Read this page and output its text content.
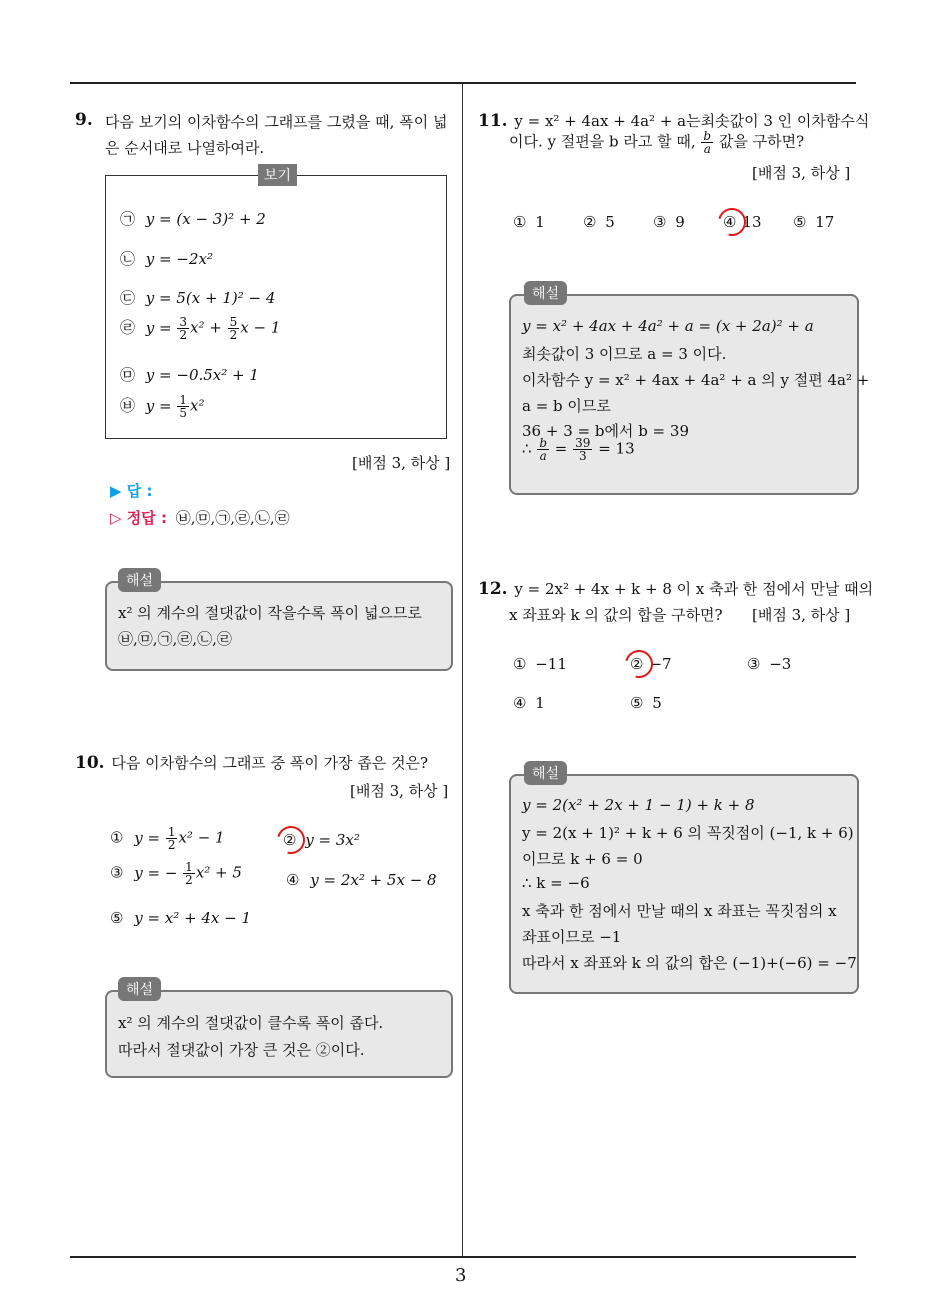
9. 다음 보기의 이차함수의 그래프를 그렸을 때, 폭이 넓
은 순서대로 나열하여라.
보기
㉠ y = (x − 3)² + 2
㉡ y = −2x²
㉢ y = 5(x + 1)² − 4
㉣ $y = \frac{3}{2} x^2 + \frac{5}{2}$ x − 1
㉤ y = −0.5x² + 1
㉥ $y = \frac{1}{5} x^2$
[배점 3, 하상 ]
▶ 답 :
▷ 정답 : ㉥,㉤,㉠,㉣,㉡,㉣
해설
x² 의 계수의 절댓값이 작을수록 폭이 넓으므로
㉥,㉤,㉠,㉣,㉡,㉣
10. 다음 이차함수의 그래프 중 폭이 가장 좁은 것은?
[배점 3, 하상 ]
① $y = \frac{1}{2} x^2 - 1$	② y = 3x²
③ y = − $\frac{1}{2} x^2 + 5$	④ y = 2x² + 5x − 8
⑤ y = x² + 4x − 1
해설
x² 의 계수의 절댓값이 클수록 폭이 좁다.
따라서 절댓값이 가장 큰 것은 ②이다.
11. y = x² + 4ax + 4a² + a는최솟값이 3 인 이차함수식
이다. y 절편을 b 라고 할 때, $\frac{b}{a}$ 값을 구하면?
[배점 3, 하상 ]
① 1	② 5	③ 9	④ 13 ⑤ 17
해설
y = x² + 4ax + 4a² + a = (x + 2a)² + a
최솟값이 3 이므로 a = 3 이다.
이차함수 y = x² + 4ax + 4a² + a 의 y 절편 4a² +
a = b 이므로
36 + 3 = b에서 b = 39
∴ $\frac{b}{a} = \frac{39}{3} = 13$
12. y = 2x² + 4x + k + 8 이 x 축과 한 점에서 만날 때의
x 좌표와 k 의 값의 합을 구하면? [배점 3, 하상 ]
① −11	② −7	③ −3
④ 1	⑤ 5
해설
y = 2(x² + 2x + 1 − 1) + k + 8
y = 2(x + 1)² + k + 6 의 꼭짓점이 (−1, k + 6)
이므로 k + 6 = 0
∴ k = −6
x 축과 한 점에서 만날 때의 x 좌표는 꼭짓점의 x
좌표이므로 −1
따라서 x 좌표와 k 의 값의 합은 (−1)+(−6) = −7
3
